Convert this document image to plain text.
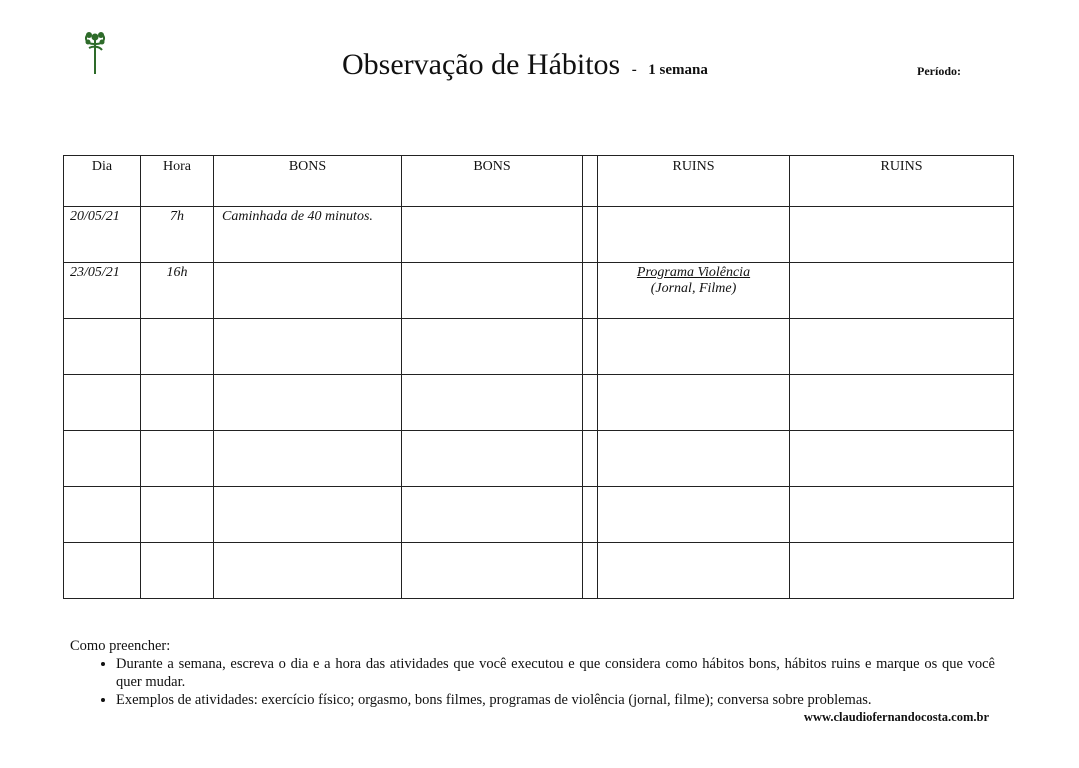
Observação de Hábitos - 1 semana	Período:
Dia	Hora	BONS	BONS		RUINS	RUINS
20/05/21	7h	Caminhada de 40 minutos.			

23/05/21	16h				Programa Violência
(Jornal, Filme)	

Como preencher:
• Durante a semana, escreva o dia e a hora das atividades que você executou e que considera como hábitos bons, hábitos ruins e marque os que você quer mudar.
• Exemplos de atividades: exercício físico; orgasmo, bons filmes, programas de violência (jornal, filme); conversa sobre problemas.
www.claudiofernandocosta.com.br
